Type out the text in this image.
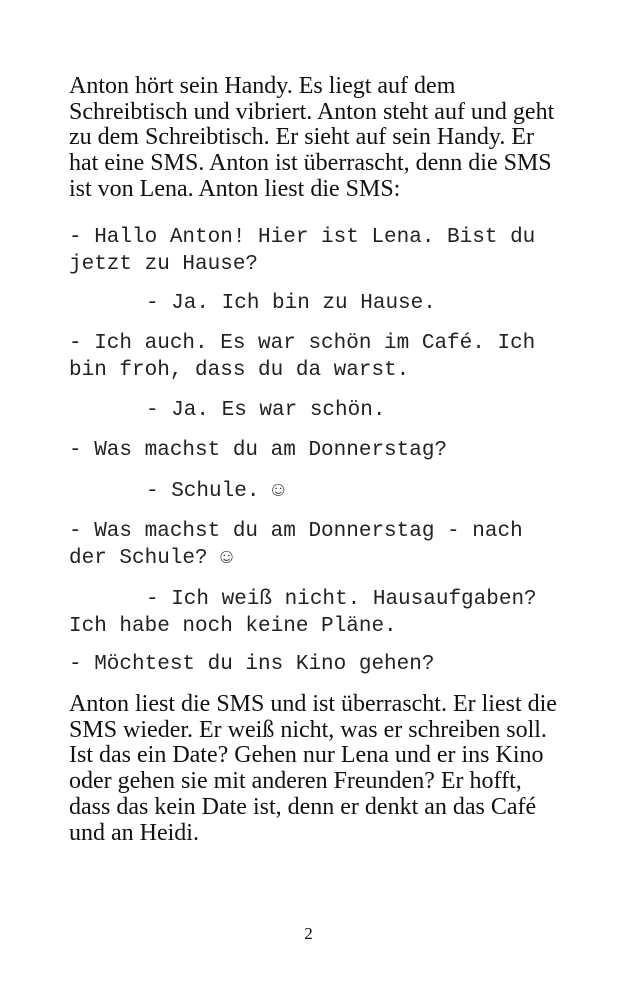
Anton hört sein Handy. Es liegt auf dem Schreibtisch und vibriert. Anton steht auf und geht zu dem Schreibtisch. Er sieht auf sein Handy. Er hat eine SMS. Anton ist überrascht, denn die SMS ist von Lena. Anton liest die SMS:

- Hallo Anton! Hier ist Lena. Bist du jetzt zu Hause?

- Ja. Ich bin zu Hause.

- Ich auch. Es war schön im Café. Ich bin froh, dass du da warst.

- Ja. Es war schön.

- Was machst du am Donnerstag?

- Schule. ☺

- Was machst du am Donnerstag - nach der Schule? ☺

- Ich weiß nicht. Hausaufgaben? Ich habe noch keine Pläne.

- Möchtest du ins Kino gehen?

Anton liest die SMS und ist überrascht. Er liest die SMS wieder. Er weiß nicht, was er schreiben soll. Ist das ein Date? Gehen nur Lena und er ins Kino oder gehen sie mit anderen Freunden? Er hofft, dass das kein Date ist, denn er denkt an das Café und an Heidi.

2
